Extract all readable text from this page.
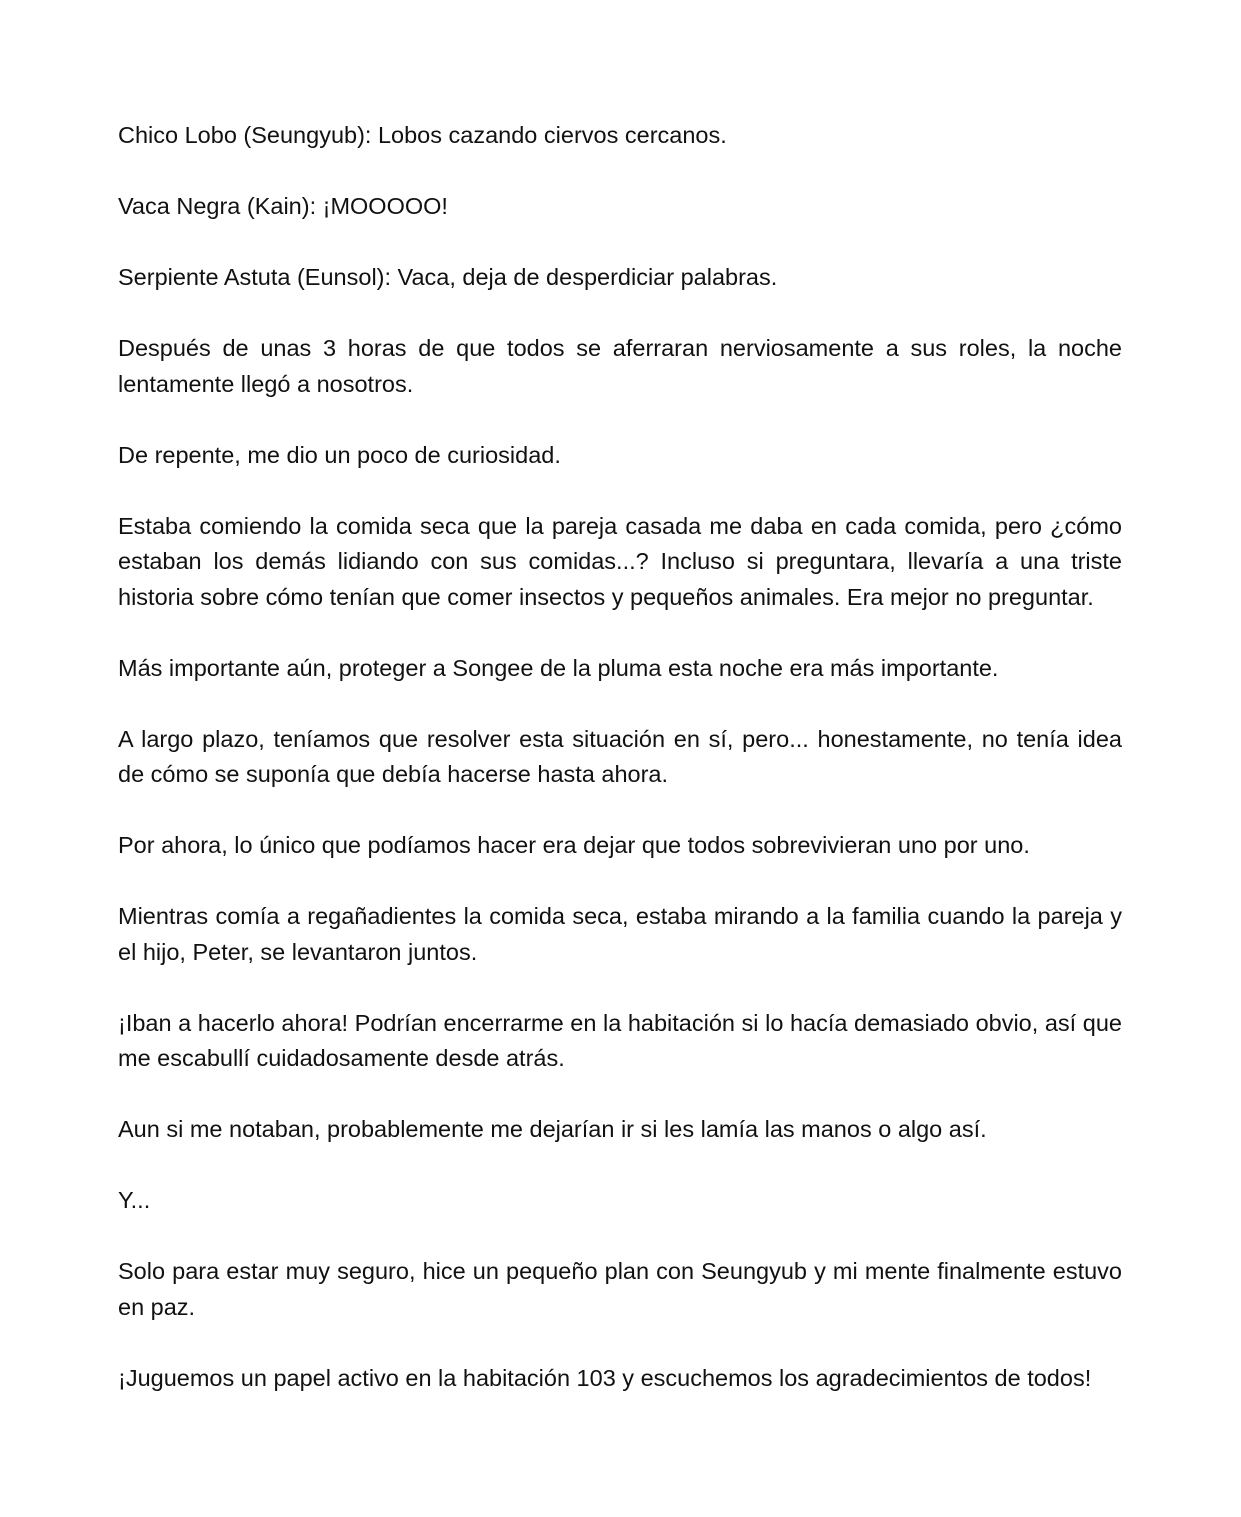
Chico Lobo (Seungyub): Lobos cazando ciervos cercanos.

Vaca Negra (Kain): ¡MOOOOO!

Serpiente Astuta (Eunsol): Vaca, deja de desperdiciar palabras.

Después de unas 3 horas de que todos se aferraran nerviosamente a sus roles, la noche lentamente llegó a nosotros.

De repente, me dio un poco de curiosidad.

Estaba comiendo la comida seca que la pareja casada me daba en cada comida, pero ¿cómo estaban los demás lidiando con sus comidas...? Incluso si preguntara, llevaría a una triste historia sobre cómo tenían que comer insectos y pequeños animales. Era mejor no preguntar.

Más importante aún, proteger a Songee de la pluma esta noche era más importante.

A largo plazo, teníamos que resolver esta situación en sí, pero... honestamente, no tenía idea de cómo se suponía que debía hacerse hasta ahora.

Por ahora, lo único que podíamos hacer era dejar que todos sobrevivieran uno por uno.

Mientras comía a regañadientes la comida seca, estaba mirando a la familia cuando la pareja y el hijo, Peter, se levantaron juntos.

¡Iban a hacerlo ahora! Podrían encerrarme en la habitación si lo hacía demasiado obvio, así que me escabullí cuidadosamente desde atrás.

Aun si me notaban, probablemente me dejarían ir si les lamía las manos o algo así.

Y...

Solo para estar muy seguro, hice un pequeño plan con Seungyub y mi mente finalmente estuvo en paz.

¡Juguemos un papel activo en la habitación 103 y escuchemos los agradecimientos de todos!
